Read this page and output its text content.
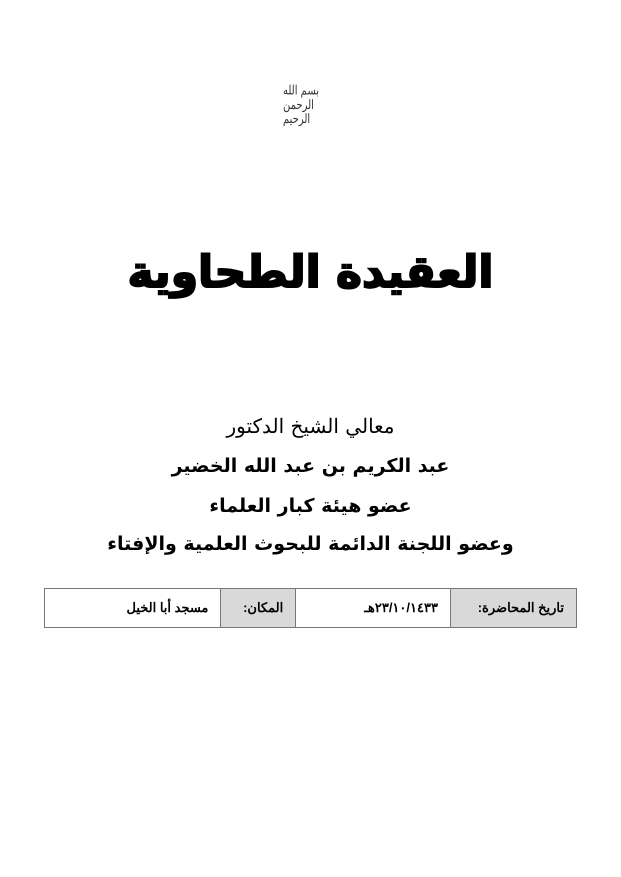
بسم الله الرحمن الرحيم
العقيدة الطحاوية
معالي الشيخ الدكتور
عبد الكريم بن عبد الله الخضير
عضو هيئة كبار العلماء
وعضو اللجنة الدائمة للبحوث العلمية والإفتاء
مسجد أبا الخيل	المكان:	٢٣/١٠/١٤٣٣هـ	تاريخ المحاضرة:
